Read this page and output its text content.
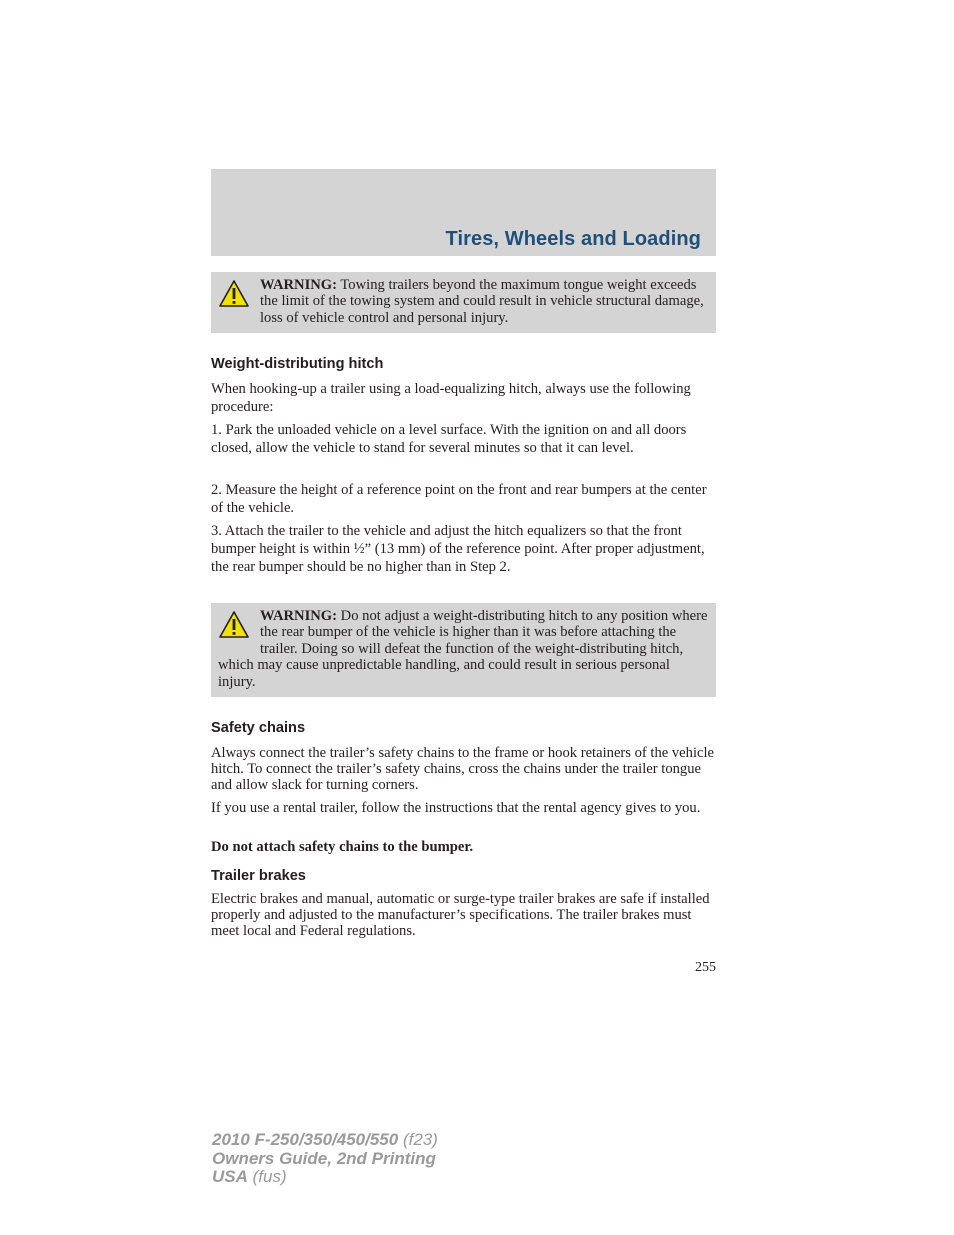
Tires, Wheels and Loading
WARNING: Towing trailers beyond the maximum tongue weight exceeds the limit of the towing system and could result in vehicle structural damage, loss of vehicle control and personal injury.
Weight-distributing hitch
When hooking-up a trailer using a load-equalizing hitch, always use the following procedure:
1. Park the unloaded vehicle on a level surface. With the ignition on and all doors closed, allow the vehicle to stand for several minutes so that it can level.
2. Measure the height of a reference point on the front and rear bumpers at the center of the vehicle.
3. Attach the trailer to the vehicle and adjust the hitch equalizers so that the front bumper height is within ½” (13 mm) of the reference point. After proper adjustment, the rear bumper should be no higher than in Step 2.
WARNING: Do not adjust a weight-distributing hitch to any position where the rear bumper of the vehicle is higher than it was before attaching the trailer. Doing so will defeat the function of the weight-distributing hitch, which may cause unpredictable handling, and could result in serious personal injury.
Safety chains
Always connect the trailer’s safety chains to the frame or hook retainers of the vehicle hitch. To connect the trailer’s safety chains, cross the chains under the trailer tongue and allow slack for turning corners.
If you use a rental trailer, follow the instructions that the rental agency gives to you.
Do not attach safety chains to the bumper.
Trailer brakes
Electric brakes and manual, automatic or surge-type trailer brakes are safe if installed properly and adjusted to the manufacturer’s specifications. The trailer brakes must meet local and Federal regulations.
255
2010 F-250/350/450/550 (f23)
Owners Guide, 2nd Printing
USA (fus)
